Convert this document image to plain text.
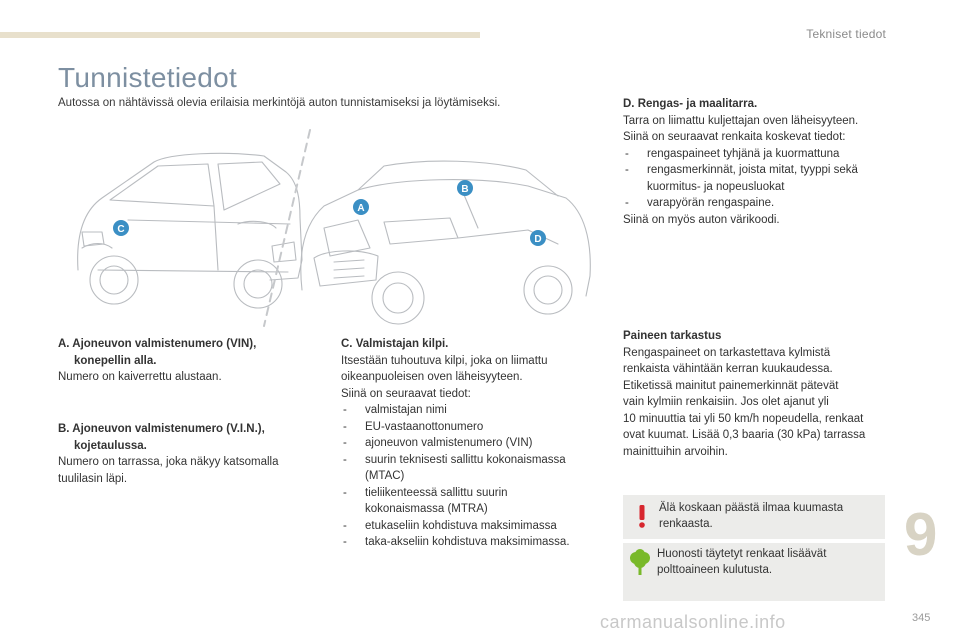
Tekniset tiedot
Tunnistetiedot
Autossa on nähtävissä olevia erilaisia merkintöjä auton tunnistamiseksi ja löytämiseksi.
A
B
C
D
A. Ajoneuvon valmistenumero (VIN),
konepellin alla.
Numero on kaiverrettu alustaan.
B. Ajoneuvon valmistenumero (V.I.N.),
kojetaulussa.
Numero on tarrassa, joka näkyy katsomalla
tuulilasin läpi.
C. Valmistajan kilpi.
Itsestään tuhoutuva kilpi, joka on liimattu
oikeanpuoleisen oven läheisyyteen.
Siinä on seuraavat tiedot:
- valmistajan nimi
- EU-vastaanottonumero
- ajoneuvon valmistenumero (VIN)
- suurin teknisesti sallittu kokonaismassa
(MTAC)
- tieliikenteessä sallittu suurin
kokonaismassa (MTRA)
- etukaseliin kohdistuva maksimimassa
- taka-akseliin kohdistuva maksimimassa.
D. Rengas- ja maalitarra.
Tarra on liimattu kuljettajan oven läheisyyteen.
Siinä on seuraavat renkaita koskevat tiedot:
- rengaspaineet tyhjänä ja kuormattuna
- rengasmerkinnät, joista mitat, tyyppi sekä
kuormitus- ja nopeusluokat
- varapyörän rengaspaine.
Siinä on myös auton värikoodi.
Paineen tarkastus
Rengaspaineet on tarkastettava kylmistä
renkaista vähintään kerran kuukaudessa.
Etiketissä mainitut painemerkinnät pätevät
vain kylmiin renkaisiin. Jos olet ajanut yli
10 minuuttia tai yli 50 km/h nopeudella, renkaat
ovat kuumat. Lisää 0,3 baaria (30 kPa) tarrassa
mainittuihin arvoihin.
Älä koskaan päästä ilmaa kuumasta
renkaasta.
Huonosti täytetyt renkaat lisäävät
polttoaineen kulutusta.
9
carmanualsonline.info	345
